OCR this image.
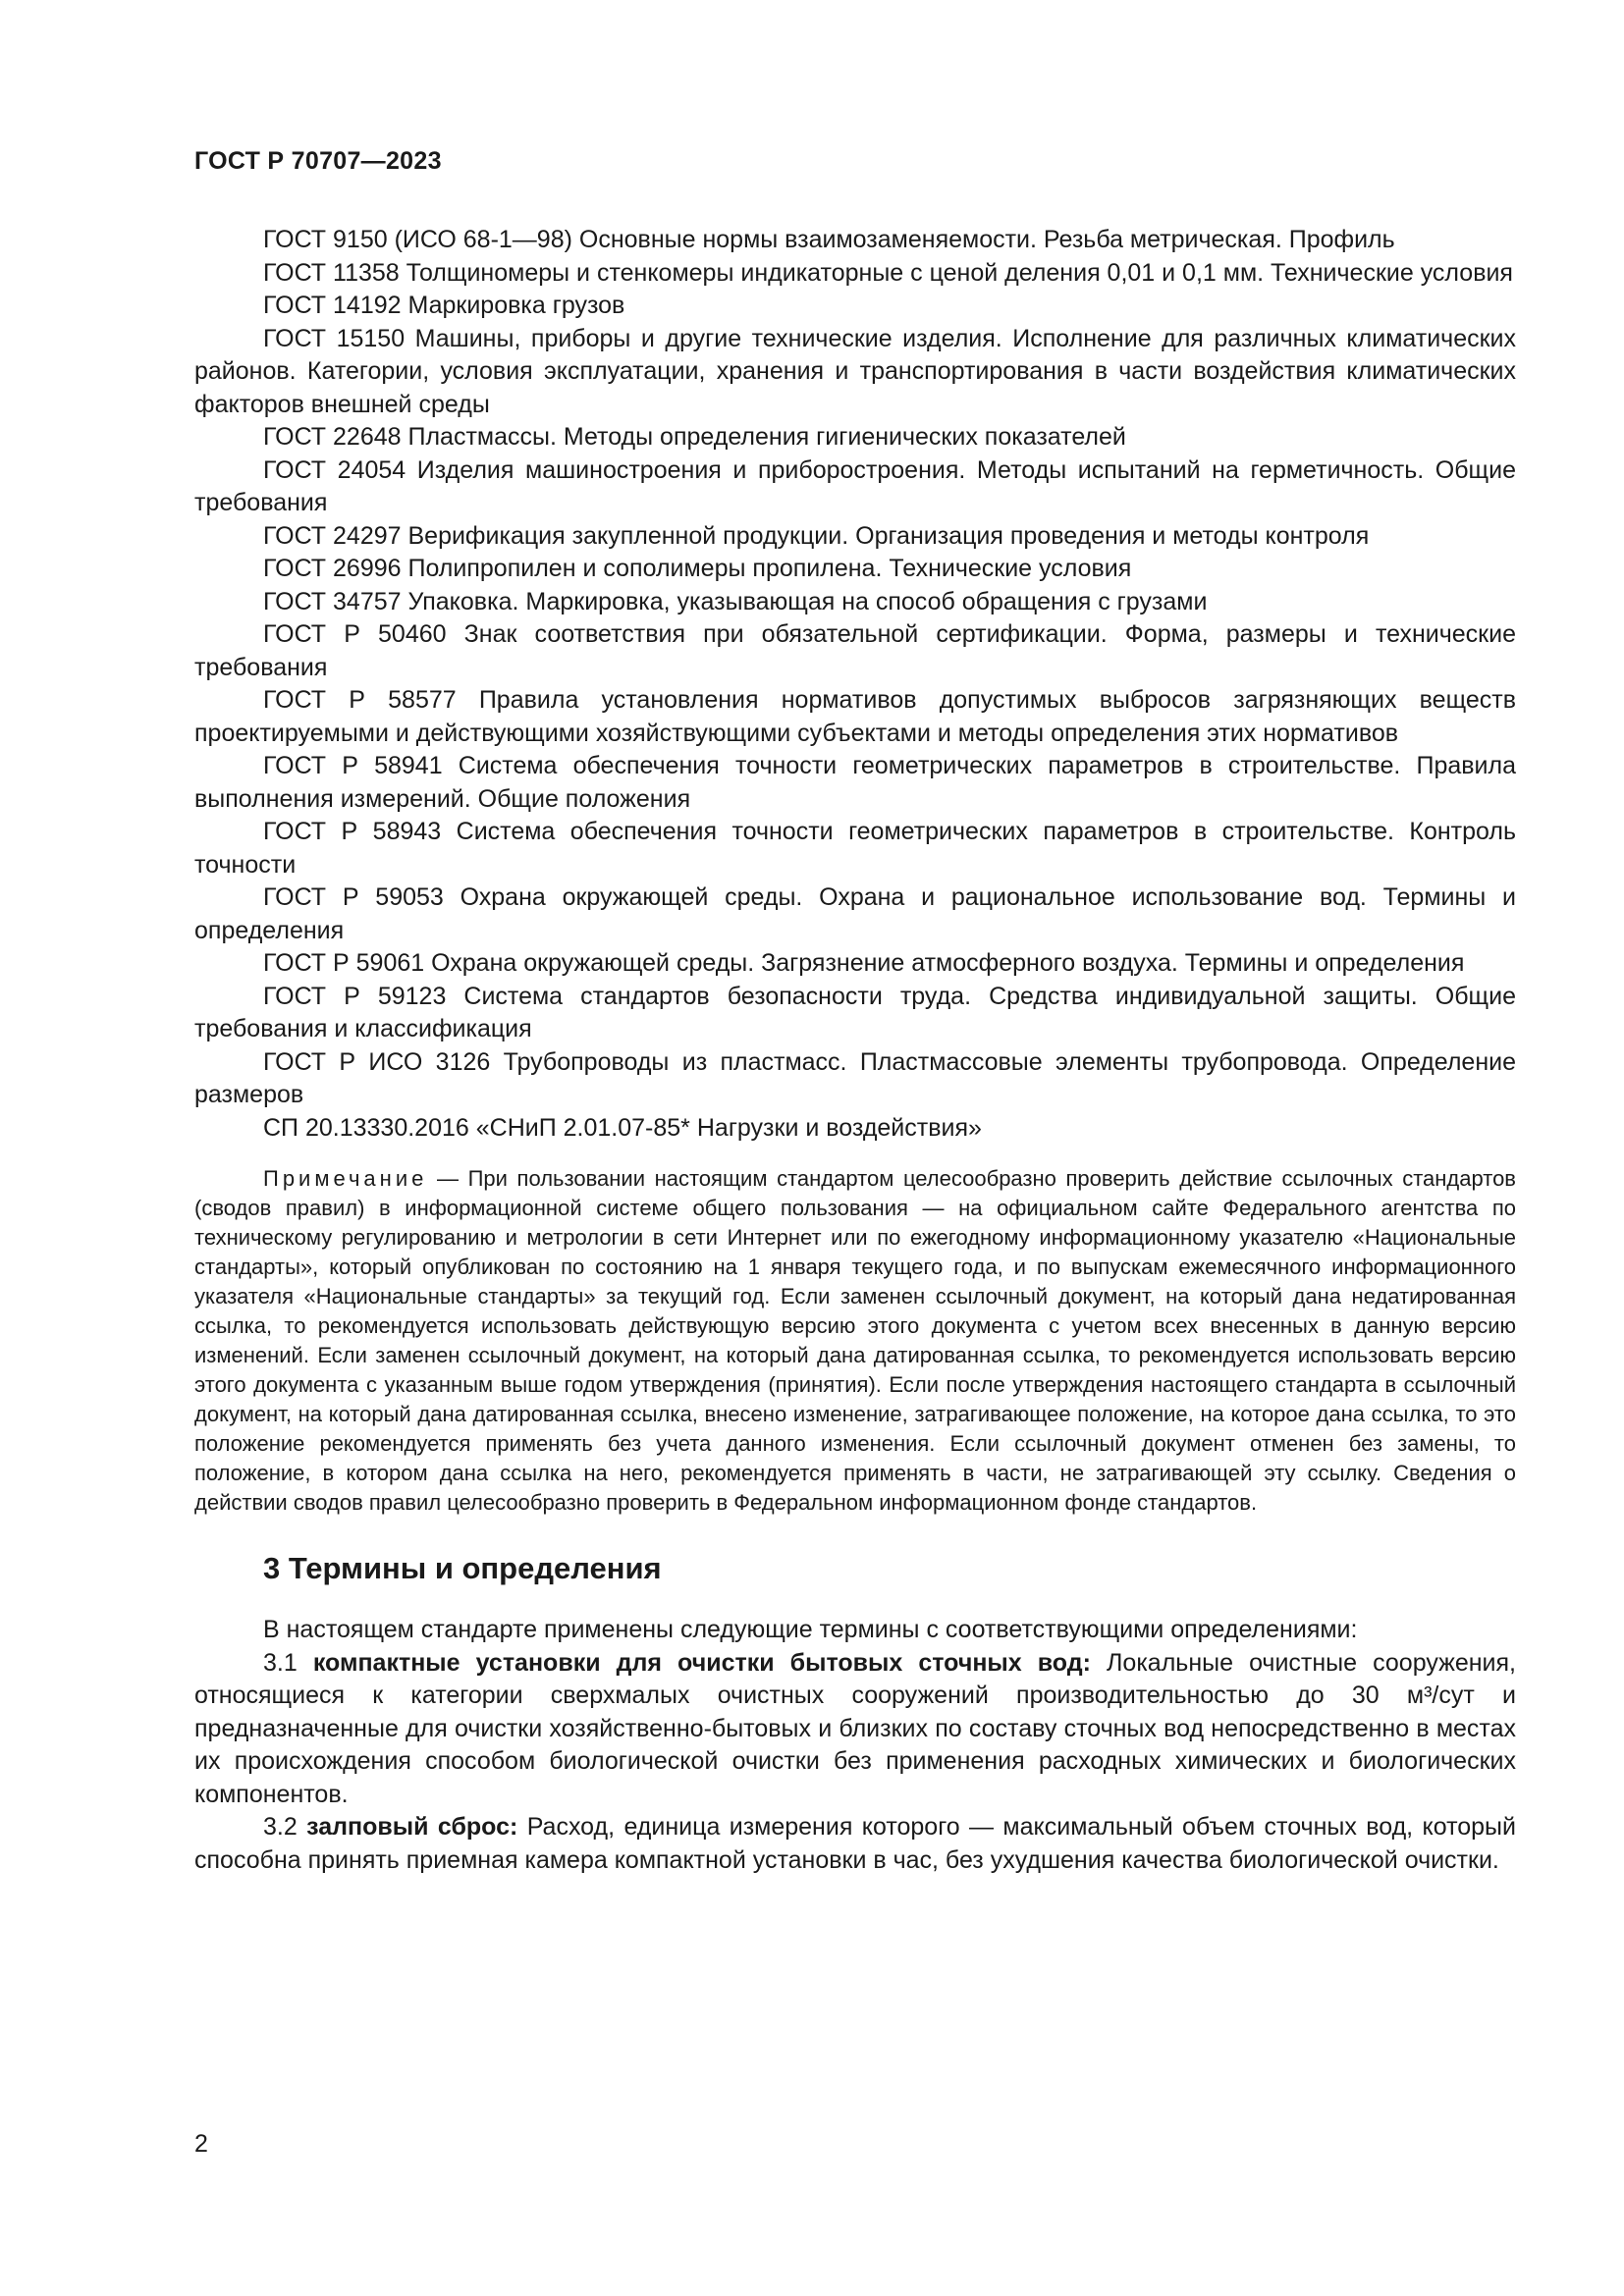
ГОСТ Р 70707—2023

ГОСТ 9150 (ИСО 68-1—98) Основные нормы взаимозаменяемости. Резьба метрическая. Профиль

ГОСТ 11358 Толщиномеры и стенкомеры индикаторные с ценой деления 0,01 и 0,1 мм. Технические условия

ГОСТ 14192 Маркировка грузов

ГОСТ 15150 Машины, приборы и другие технические изделия. Исполнение для различных климатических районов. Категории, условия эксплуатации, хранения и транспортирования в части воздействия климатических факторов внешней среды

ГОСТ 22648 Пластмассы. Методы определения гигиенических показателей

ГОСТ 24054 Изделия машиностроения и приборостроения. Методы испытаний на герметичность. Общие требования

ГОСТ 24297 Верификация закупленной продукции. Организация проведения и методы контроля

ГОСТ 26996 Полипропилен и сополимеры пропилена. Технические условия

ГОСТ 34757 Упаковка. Маркировка, указывающая на способ обращения с грузами

ГОСТ Р 50460 Знак соответствия при обязательной сертификации. Форма, размеры и технические требования

ГОСТ Р 58577 Правила установления нормативов допустимых выбросов загрязняющих веществ проектируемыми и действующими хозяйствующими субъектами и методы определения этих нормативов

ГОСТ Р 58941 Система обеспечения точности геометрических параметров в строительстве. Правила выполнения измерений. Общие положения

ГОСТ Р 58943 Система обеспечения точности геометрических параметров в строительстве. Контроль точности

ГОСТ Р 59053 Охрана окружающей среды. Охрана и рациональное использование вод. Термины и определения

ГОСТ Р 59061 Охрана окружающей среды. Загрязнение атмосферного воздуха. Термины и определения

ГОСТ Р 59123 Система стандартов безопасности труда. Средства индивидуальной защиты. Общие требования и классификация

ГОСТ Р ИСО 3126 Трубопроводы из пластмасс. Пластмассовые элементы трубопровода. Определение размеров

СП 20.13330.2016 «СНиП 2.01.07-85* Нагрузки и воздействия»

Примечание — При пользовании настоящим стандартом целесообразно проверить действие ссылочных стандартов (сводов правил) в информационной системе общего пользования — на официальном сайте Федерального агентства по техническому регулированию и метрологии в сети Интернет или по ежегодному информационному указателю «Национальные стандарты», который опубликован по состоянию на 1 января текущего года, и по выпускам ежемесячного информационного указателя «Национальные стандарты» за текущий год. Если заменен ссылочный документ, на который дана недатированная ссылка, то рекомендуется использовать действующую версию этого документа с учетом всех внесенных в данную версию изменений. Если заменен ссылочный документ, на который дана датированная ссылка, то рекомендуется использовать версию этого документа с указанным выше годом утверждения (принятия). Если после утверждения настоящего стандарта в ссылочный документ, на который дана датированная ссылка, внесено изменение, затрагивающее положение, на которое дана ссылка, то это положение рекомендуется применять без учета данного изменения. Если ссылочный документ отменен без замены, то положение, в котором дана ссылка на него, рекомендуется применять в части, не затрагивающей эту ссылку. Сведения о действии сводов правил целесообразно проверить в Федеральном информационном фонде стандартов.

3 Термины и определения

В настоящем стандарте применены следующие термины с соответствующими определениями:

3.1 компактные установки для очистки бытовых сточных вод: Локальные очистные сооружения, относящиеся к категории сверхмалых очистных сооружений производительностью до 30 м³/сут и предназначенные для очистки хозяйственно-бытовых и близких по составу сточных вод непосредственно в местах их происхождения способом биологической очистки без применения расходных химических и биологических компонентов.

3.2 залповый сброс: Расход, единица измерения которого — максимальный объем сточных вод, который способна принять приемная камера компактной установки в час, без ухудшения качества биологической очистки.

2
